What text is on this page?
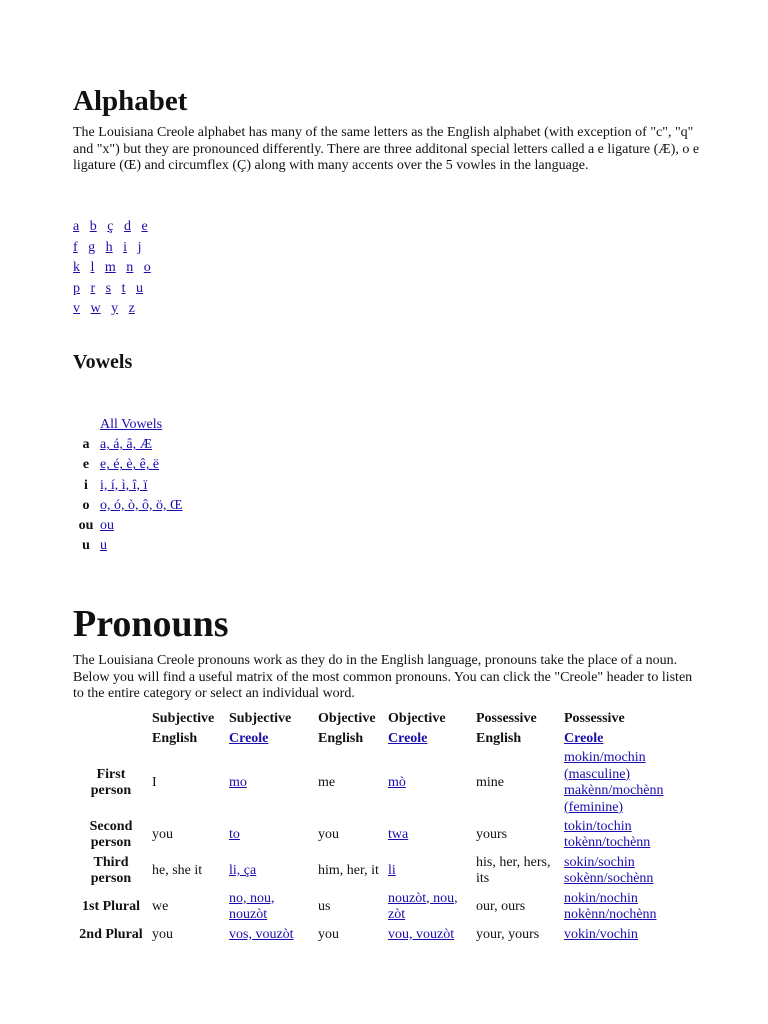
Alphabet

The Louisiana Creole alphabet has many of the same letters as the English alphabet (with exception of "c", "q" and "x") but they are pronounced differently. There are three additonal special letters called a e ligature (Æ), o e ligature (Œ) and circumflex (Ç) along with many accents over the 5 vowles in the language.

a b ç d e
f g h i j
k l m n o
p r s t u
v w y z
Vowels
	All Vowels
a	a, á, â, Æ
e	e, é, è, ê, ë
i	i, í, ì, î, ï
o	o, ó, ò, ô, ö, Œ
ou	ou
u	u
Pronouns

The Louisiana Creole pronouns work as they do in the English language, pronouns take the place of a noun. Below you will find a useful matrix of the most common pronouns. You can click the "Creole" header to listen to the entire category or select an individual word.

	Subjective	Subjective	Objective	Objective	Possessive	Possessive
	English	Creole	English	Creole	English	Creole
First person	I	mo	me	mò	mine	mokin/mochin (masculine) makènn/mochènn (feminine)
Second person	you	to	you	twa	yours	tokin/tochin tokènn/tochènn
Third person	he, she it	li, ça	him, her, it	li	his, her, hers, its	sokin/sochin sokènn/sochènn
1st Plural	we	no, nou, nouzòt	us	nouzòt, nou, zòt	our, ours	nokin/nochin nokènn/nochènn
2nd Plural	you	vos, vouzòt	you	vou, vouzòt	your, yours	vokin/vochin
